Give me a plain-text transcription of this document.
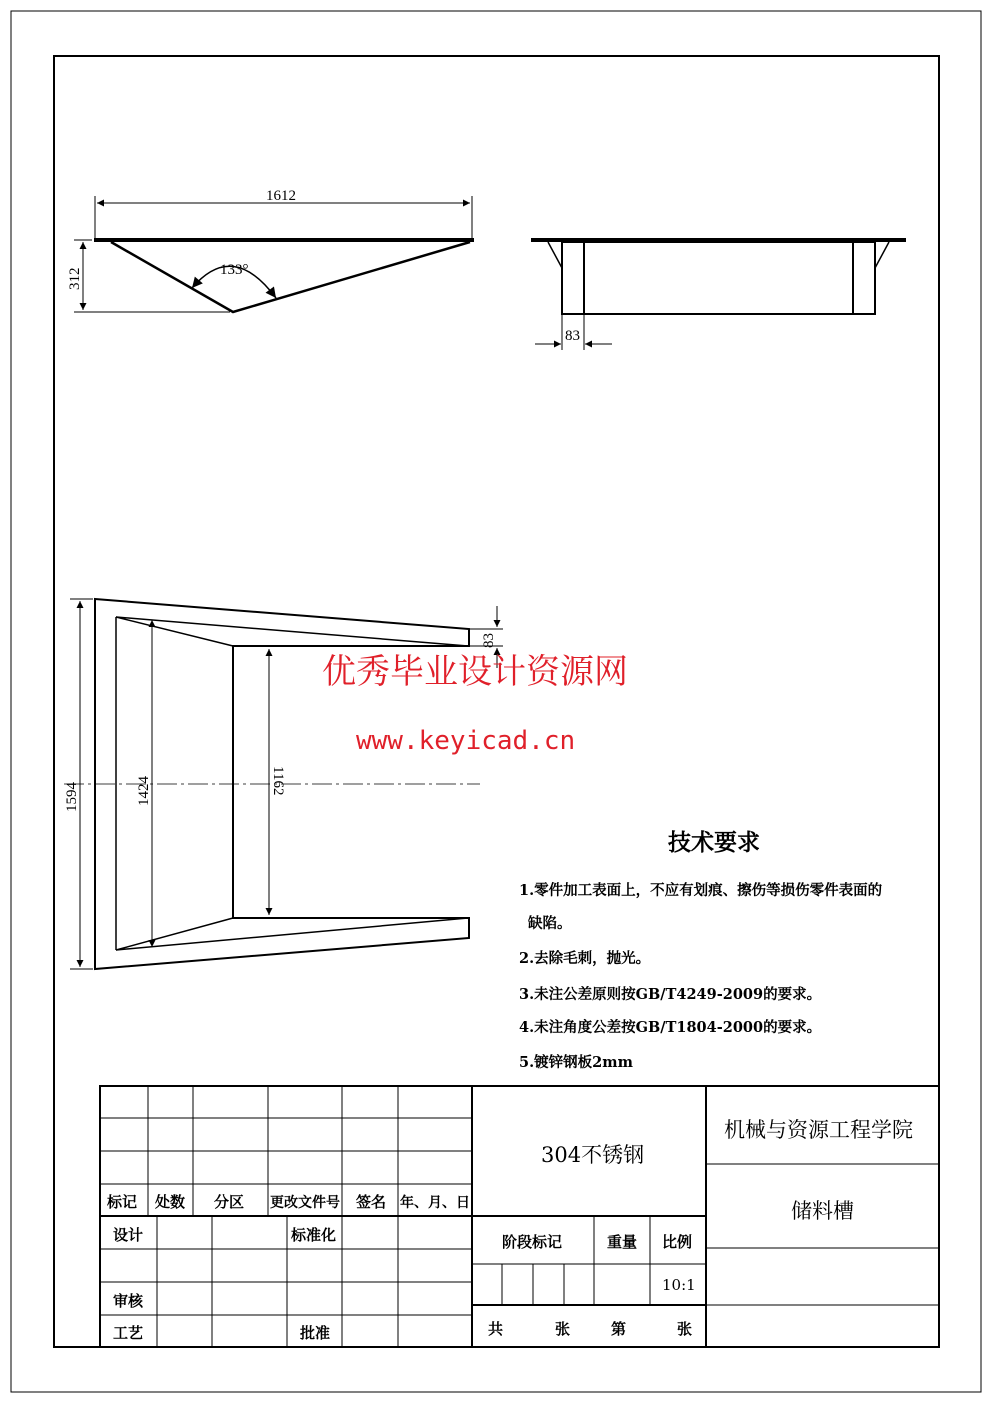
133°
1612
312
83
1594	1424	1162
83
优秀毕业设计资源网
www.keyicad.cn
技术要求
1.零件加工表面上，不应有划痕、擦伤等损伤零件表面的
缺陷。
2.去除毛刺，抛光。
3.未注公差原则按GB/T4249-2009的要求。
4.未注角度公差按GB/T1804-2000的要求。
5.镀锌钢板2mm
标记 处数 分区 更改文件号 签名 年、月、日
设计	标准化
审核
工艺	批准
304不锈钢
阶段标记	重量 比例
10:1
共	张	第	张
机械与资源工程学院
储料槽
